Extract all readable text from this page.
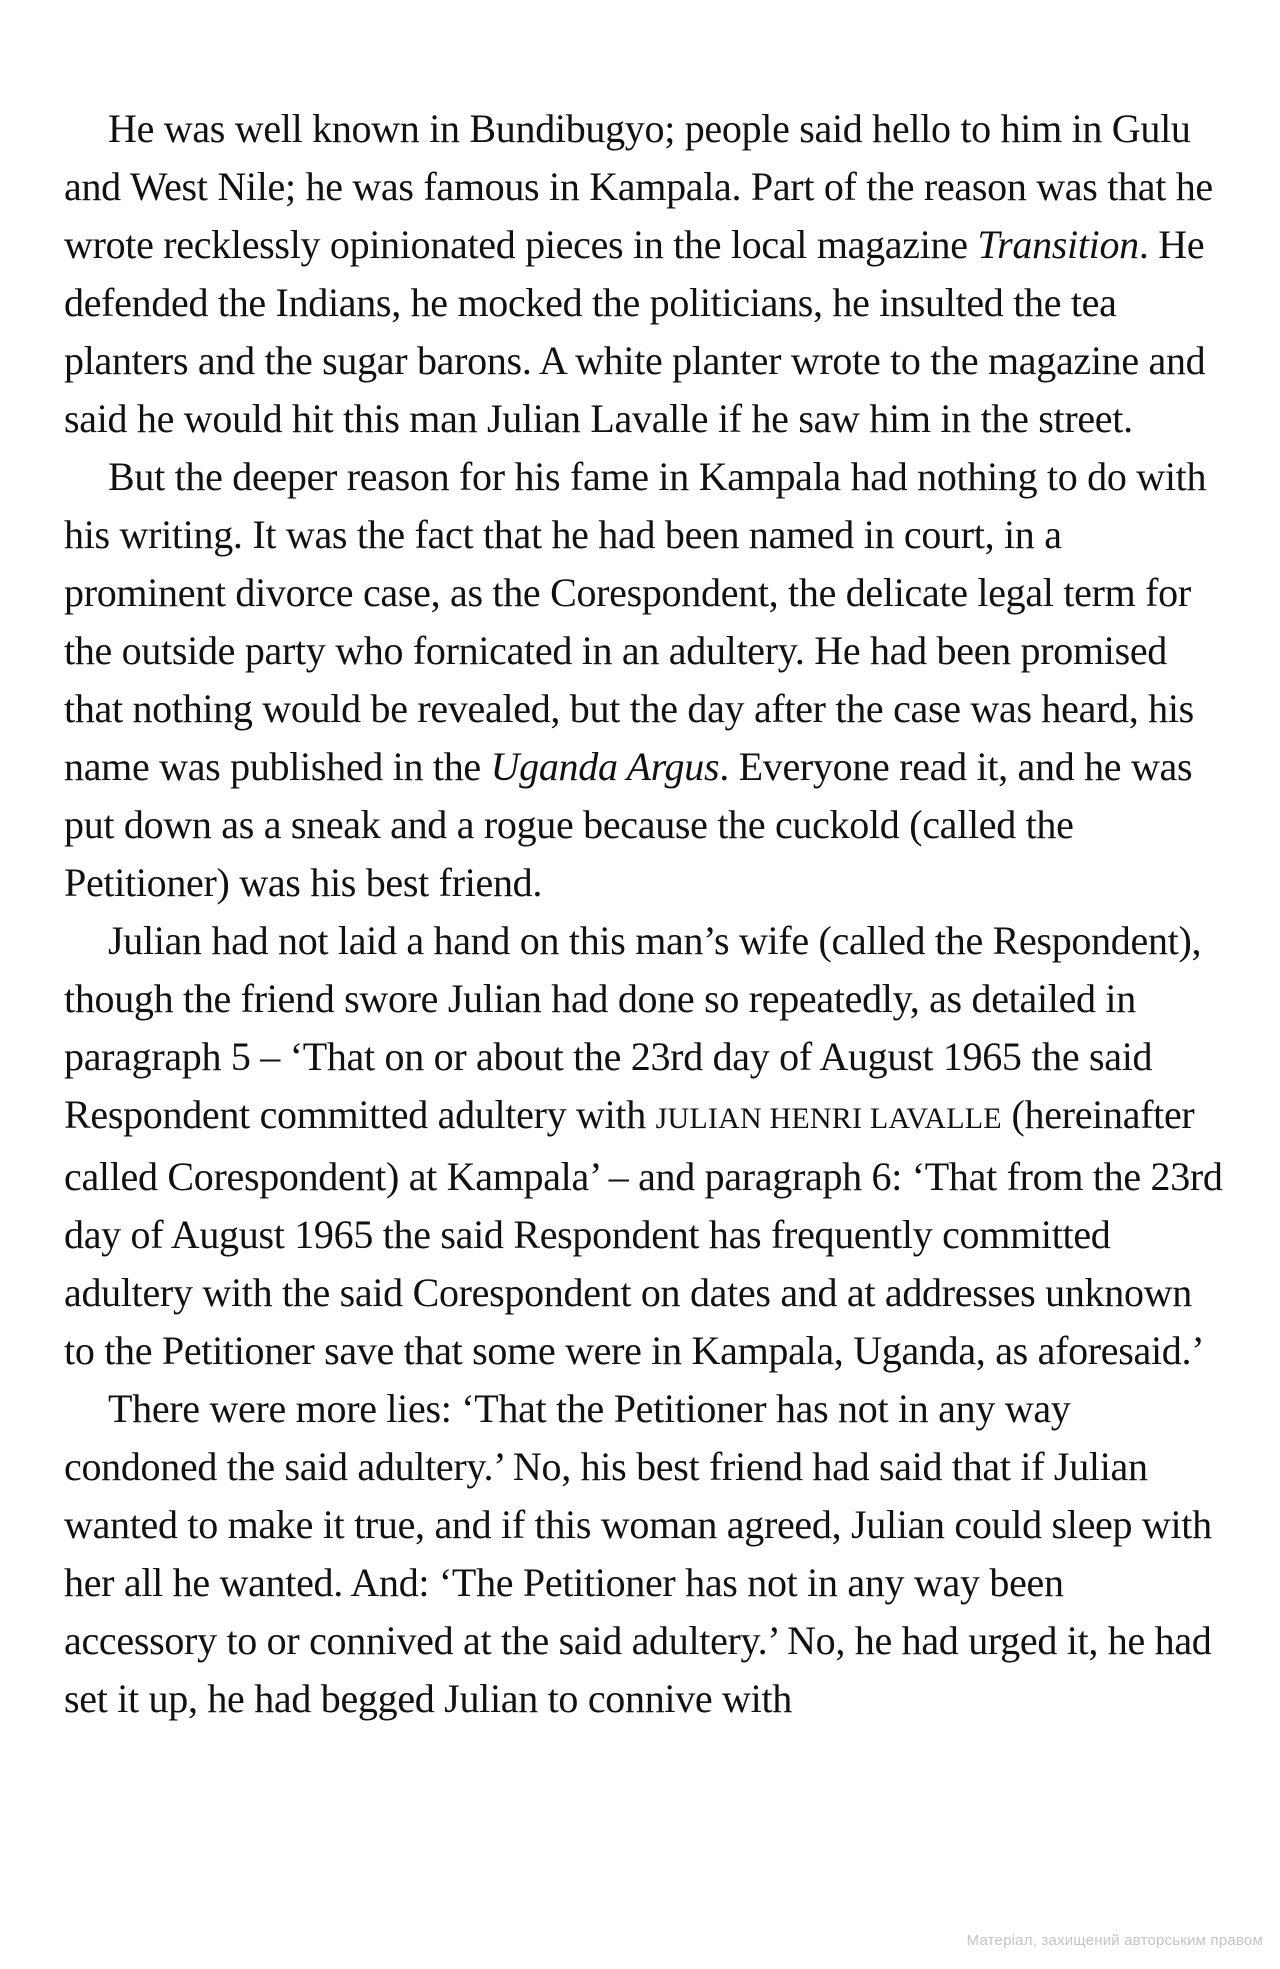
He was well known in Bundibugyo; people said hello to him in Gulu and West Nile; he was famous in Kampala. Part of the reason was that he wrote recklessly opinionated pieces in the local magazine Transition. He defended the Indians, he mocked the politicians, he insulted the tea planters and the sugar barons. A white planter wrote to the magazine and said he would hit this man Julian Lavalle if he saw him in the street.

But the deeper reason for his fame in Kampala had nothing to do with his writing. It was the fact that he had been named in court, in a prominent divorce case, as the Corespondent, the delicate legal term for the outside party who fornicated in an adultery. He had been promised that nothing would be revealed, but the day after the case was heard, his name was published in the Uganda Argus. Everyone read it, and he was put down as a sneak and a rogue because the cuckold (called the Petitioner) was his best friend.

Julian had not laid a hand on this man’s wife (called the Respondent), though the friend swore Julian had done so repeatedly, as detailed in paragraph 5 – ‘That on or about the 23rd day of August 1965 the said Respondent committed adultery with JULIAN HENRI LAVALLE (hereinafter called Corespondent) at Kampala’ – and paragraph 6: ‘That from the 23rd day of August 1965 the said Respondent has frequently committed adultery with the said Corespondent on dates and at addresses unknown to the Petitioner save that some were in Kampala, Uganda, as aforesaid.’

There were more lies: ‘That the Petitioner has not in any way condoned the said adultery.’ No, his best friend had said that if Julian wanted to make it true, and if this woman agreed, Julian could sleep with her all he wanted. And: ‘The Petitioner has not in any way been accessory to or connived at the said adultery.’ No, he had urged it, he had set it up, he had begged Julian to connive with

Матеріал, захищений авторським правом
